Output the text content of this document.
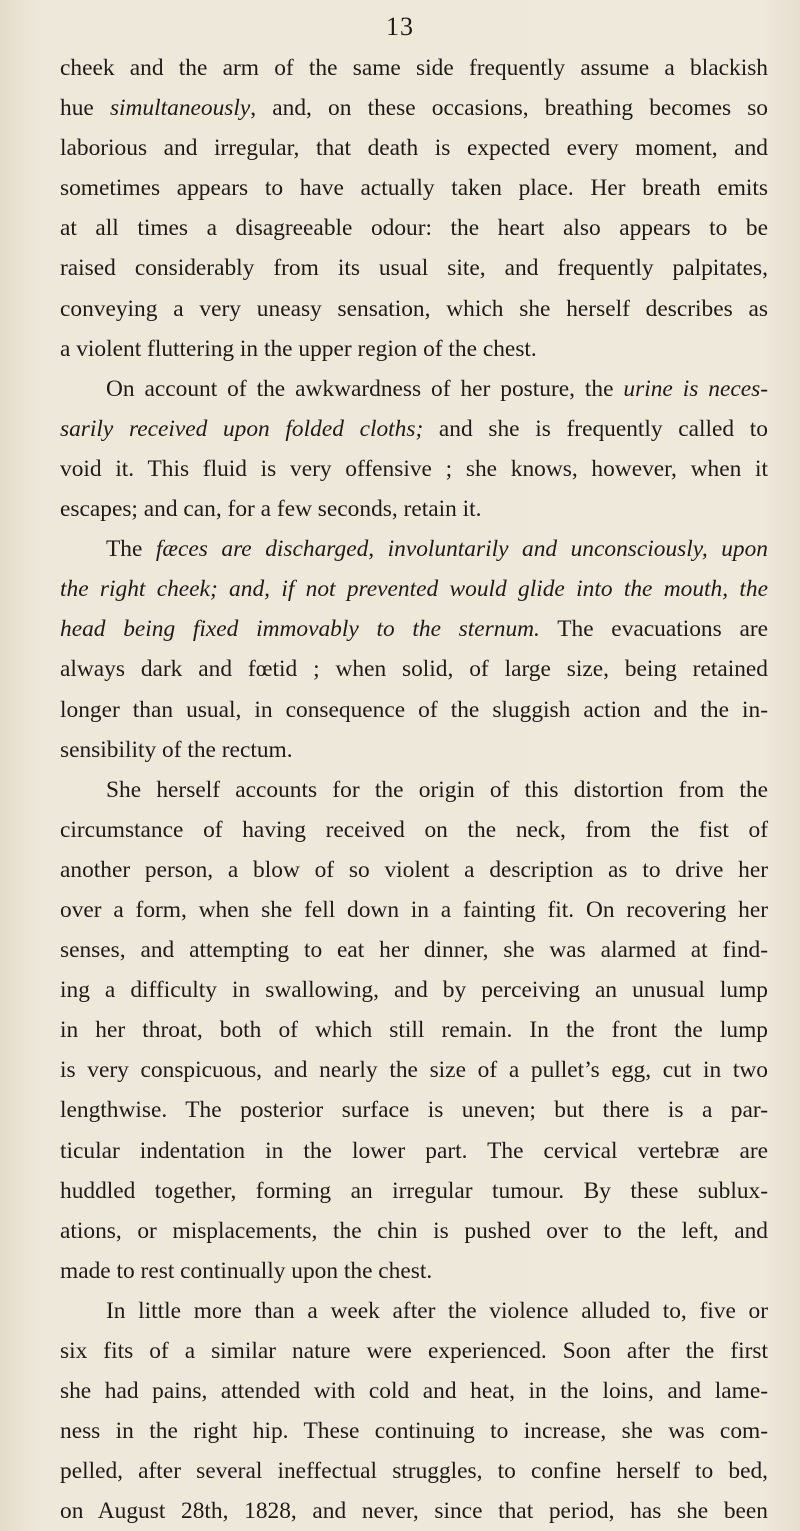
13
cheek and the arm of the same side frequently assume a blackish
hue simultaneously, and, on these occasions, breathing becomes so
laborious and irregular, that death is expected every moment, and
sometimes appears to have actually taken place. Her breath emits
at all times a disagreeable odour: the heart also appears to be
raised considerably from its usual site, and frequently palpitates,
conveying a very uneasy sensation, which she herself describes as
a violent fluttering in the upper region of the chest.
On account of the awkwardness of her posture, the urine is neces-
sarily received upon folded cloths; and she is frequently called to
void it. This fluid is very offensive ; she knows, however, when it
escapes; and can, for a few seconds, retain it.
The fæces are discharged, involuntarily and unconsciously, upon
the right cheek; and, if not prevented would glide into the mouth, the
head being fixed immovably to the sternum. The evacuations are
always dark and fœtid ; when solid, of large size, being retained
longer than usual, in consequence of the sluggish action and the in-
sensibility of the rectum.
She herself accounts for the origin of this distortion from the
circumstance of having received on the neck, from the fist of
another person, a blow of so violent a description as to drive her
over a form, when she fell down in a fainting fit. On recovering her
senses, and attempting to eat her dinner, she was alarmed at find-
ing a difficulty in swallowing, and by perceiving an unusual lump
in her throat, both of which still remain. In the front the lump
is very conspicuous, and nearly the size of a pullet’s egg, cut in two
lengthwise. The posterior surface is uneven; but there is a par-
ticular indentation in the lower part. The cervical vertebræ are
huddled together, forming an irregular tumour. By these sublux-
ations, or misplacements, the chin is pushed over to the left, and
made to rest continually upon the chest.
In little more than a week after the violence alluded to, five or
six fits of a similar nature were experienced. Soon after the first
she had pains, attended with cold and heat, in the loins, and lame-
ness in the right hip. These continuing to increase, she was com-
pelled, after several ineffectual struggles, to confine herself to bed,
on August 28th, 1828, and never, since that period, has she been
